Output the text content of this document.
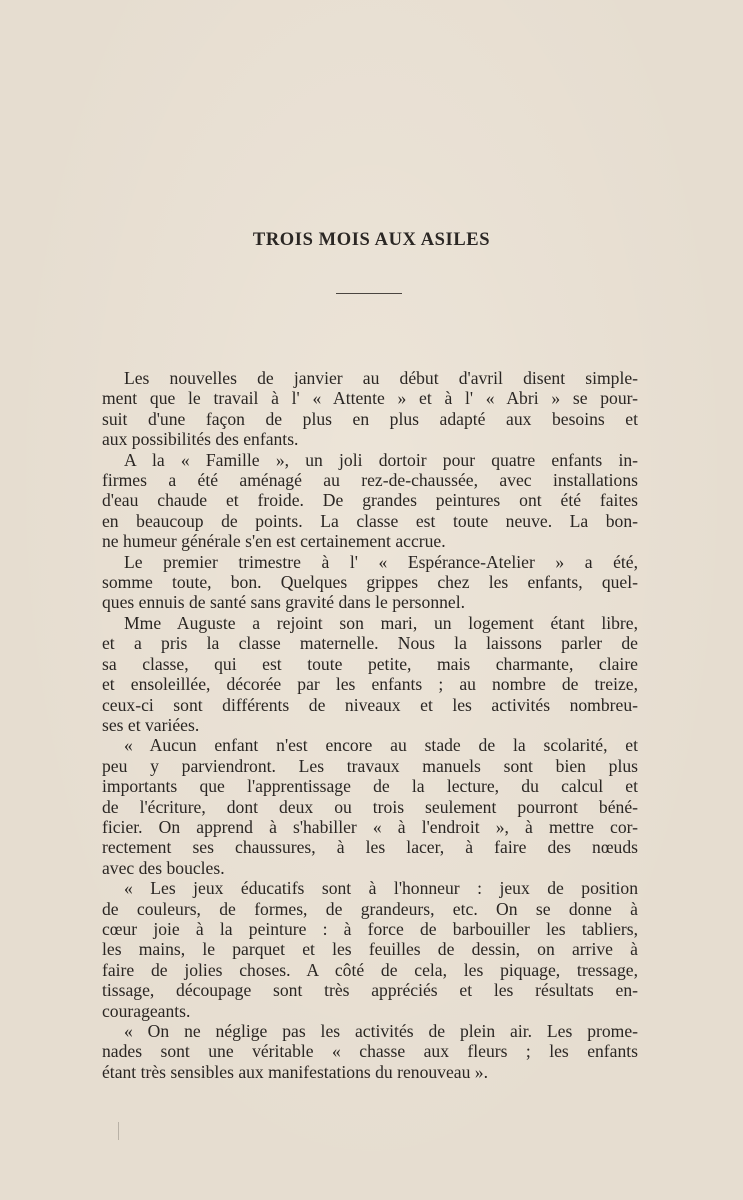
TROIS MOIS AUX ASILES
Les nouvelles de janvier au début d'avril disent simple-
ment que le travail à l' « Attente » et à l' « Abri » se pour-
suit d'une façon de plus en plus adapté aux besoins et
aux possibilités des enfants.
A la « Famille », un joli dortoir pour quatre enfants in-
firmes a été aménagé au rez-de-chaussée, avec installations
d'eau chaude et froide. De grandes peintures ont été faites
en beaucoup de points. La classe est toute neuve. La bon-
ne humeur générale s'en est certainement accrue.
Le premier trimestre à l' « Espérance-Atelier » a été,
somme toute, bon. Quelques grippes chez les enfants, quel-
ques ennuis de santé sans gravité dans le personnel.
Mme Auguste a rejoint son mari, un logement étant libre,
et a pris la classe maternelle. Nous la laissons parler de
sa classe, qui est toute petite, mais charmante, claire
et ensoleillée, décorée par les enfants ; au nombre de treize,
ceux-ci sont différents de niveaux et les activités nombreu-
ses et variées.
« Aucun enfant n'est encore au stade de la scolarité, et
peu y parviendront. Les travaux manuels sont bien plus
importants que l'apprentissage de la lecture, du calcul et
de l'écriture, dont deux ou trois seulement pourront béné-
ficier. On apprend à s'habiller « à l'endroit », à mettre cor-
rectement ses chaussures, à les lacer, à faire des nœuds
avec des boucles.
« Les jeux éducatifs sont à l'honneur : jeux de position
de couleurs, de formes, de grandeurs, etc. On se donne à
cœur joie à la peinture : à force de barbouiller les tabliers,
les mains, le parquet et les feuilles de dessin, on arrive à
faire de jolies choses. A côté de cela, les piquage, tressage,
tissage, découpage sont très appréciés et les résultats en-
courageants.
« On ne néglige pas les activités de plein air. Les prome-
nades sont une véritable « chasse aux fleurs ; les enfants
étant très sensibles aux manifestations du renouveau ».
